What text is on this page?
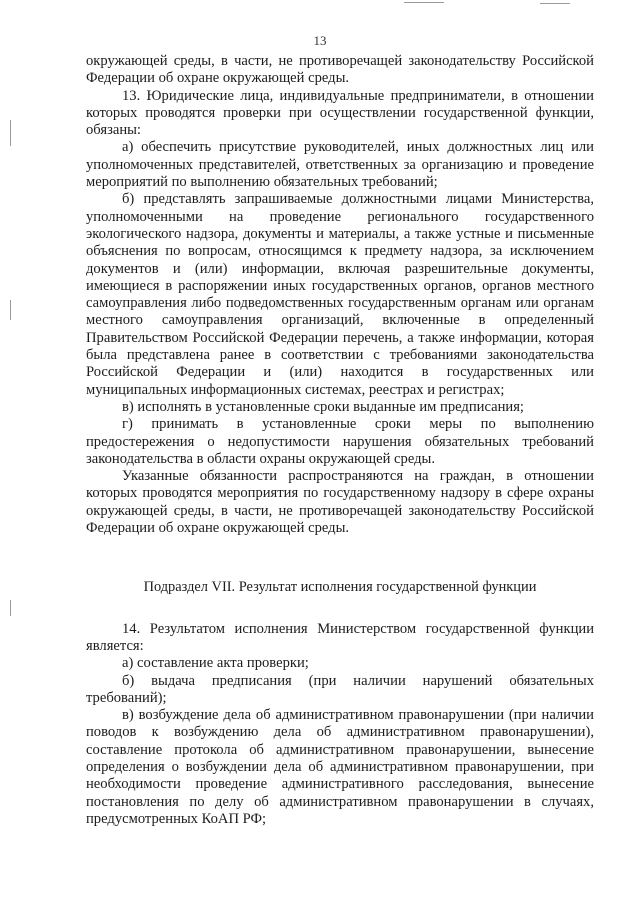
13

окружающей среды, в части, не противоречащей законодательству Российской Федерации об охране окружающей среды.

13. Юридические лица, индивидуальные предприниматели, в отношении которых проводятся проверки при осуществлении государственной функции, обязаны:

а) обеспечить присутствие руководителей, иных должностных лиц или уполномоченных представителей, ответственных за организацию и проведение мероприятий по выполнению обязательных требований;

б) представлять запрашиваемые должностными лицами Министерства, уполномоченными на проведение регионального государственного экологического надзора, документы и материалы, а также устные и письменные объяснения по вопросам, относящимся к предмету надзора, за исключением документов и (или) информации, включая разрешительные документы, имеющиеся в распоряжении иных государственных органов, органов местного самоуправления либо подведомственных государственным органам или органам местного самоуправления организаций, включенные в определенный Правительством Российской Федерации перечень, а также информации, которая была представлена ранее в соответствии с требованиями законодательства Российской Федерации и (или) находится в государственных или муниципальных информационных системах, реестрах и регистрах;

в) исполнять в установленные сроки выданные им предписания;

г) принимать в установленные сроки меры по выполнению предостережения о недопустимости нарушения обязательных требований законодательства в области охраны окружающей среды.

Указанные обязанности распространяются на граждан, в отношении которых проводятся мероприятия по государственному надзору в сфере охраны окружающей среды, в части, не противоречащей законодательству Российской Федерации об охране окружающей среды.

Подраздел VII. Результат исполнения государственной функции

14. Результатом исполнения Министерством государственной функции является:

а) составление акта проверки;

б) выдача предписания (при наличии нарушений обязательных требований);

в) возбуждение дела об административном правонарушении (при наличии поводов к возбуждению дела об административном правонарушении), составление протокола об административном правонарушении, вынесение определения о возбуждении дела об административном правонарушении, при необходимости проведение административного расследования, вынесение постановления по делу об административном правонарушении в случаях, предусмотренных КоАП РФ;
